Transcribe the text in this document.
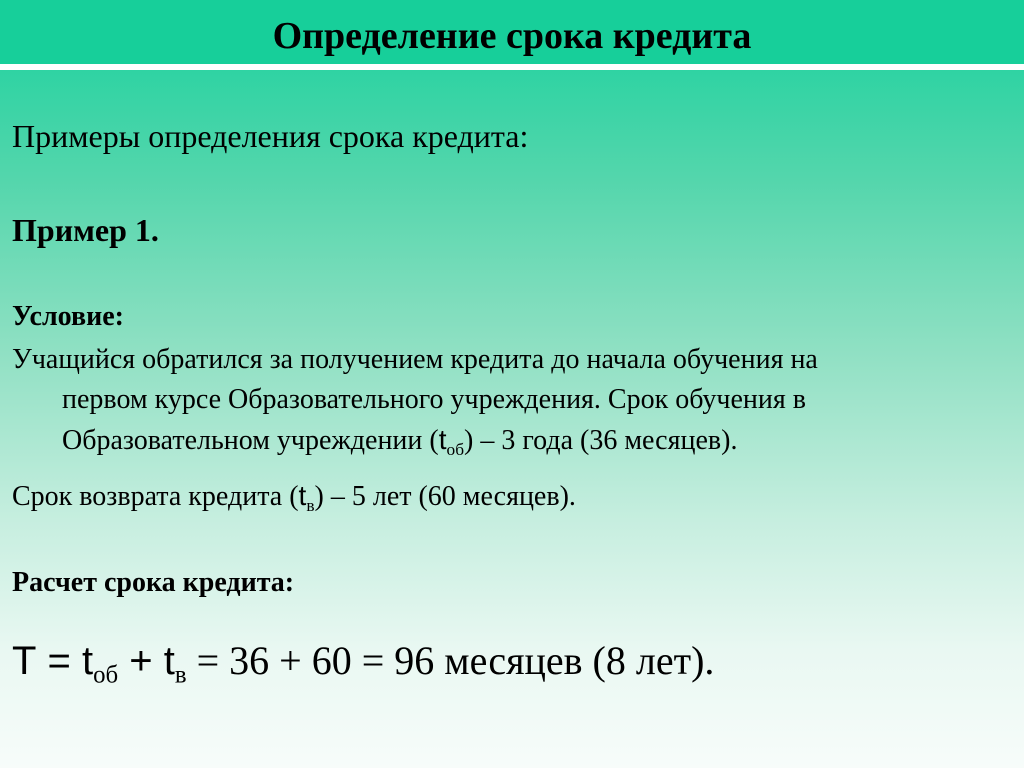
Определение срока кредита
Примеры определения срока кредита:
Пример 1.
Условие:
Учащийся обратился за получением кредита до начала обучения на
первом курсе Образовательного учреждения. Срок обучения в
Образовательном учреждении $(t_{об}) - 3$ года (36 месяцев).
Срок возврата кредита $(t_в) - 5$ лет (60 месяцев).
Расчет срока кредита:
$Т = t_{об} + t_в = 36 + 60 = 96$ месяцев (8 лет).
